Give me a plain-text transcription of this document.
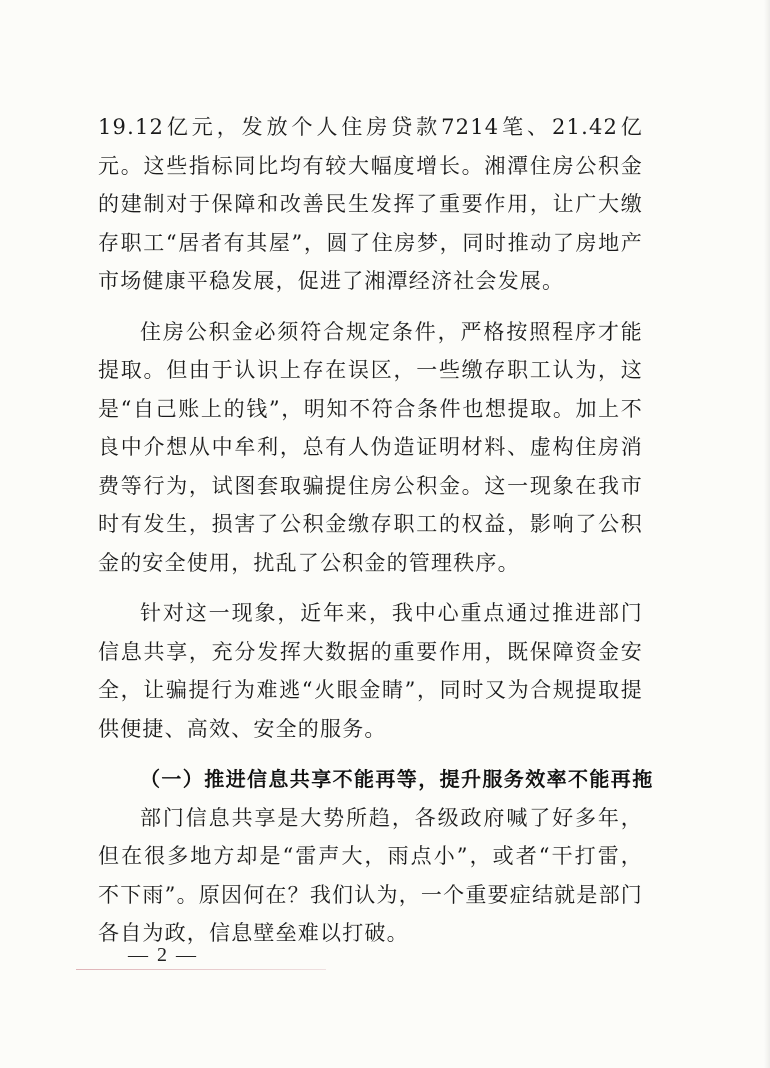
19.12亿元，发放个人住房贷款7214笔、21.42亿元。这些指标同比均有较大幅度增长。湘潭住房公积金的建制对于保障和改善民生发挥了重要作用，让广大缴存职工“居者有其屋”，圆了住房梦，同时推动了房地产市场健康平稳发展，促进了湘潭经济社会发展。

住房公积金必须符合规定条件，严格按照程序才能提取。但由于认识上存在误区，一些缴存职工认为，这是“自己账上的钱”，明知不符合条件也想提取。加上不良中介想从中牟利，总有人伪造证明材料、虚构住房消费等行为，试图套取骗提住房公积金。这一现象在我市时有发生，损害了公积金缴存职工的权益，影响了公积金的安全使用，扰乱了公积金的管理秩序。

针对这一现象，近年来，我中心重点通过推进部门信息共享，充分发挥大数据的重要作用，既保障资金安全，让骗提行为难逃“火眼金睛”，同时又为合规提取提供便捷、高效、安全的服务。

（一）推进信息共享不能再等，提升服务效率不能再拖

部门信息共享是大势所趋，各级政府喊了好多年，但在很多地方却是“雷声大，雨点小”，或者“干打雷，不下雨”。原因何在？我们认为，一个重要症结就是部门各自为政，信息壁垒难以打破。

— 2 —
